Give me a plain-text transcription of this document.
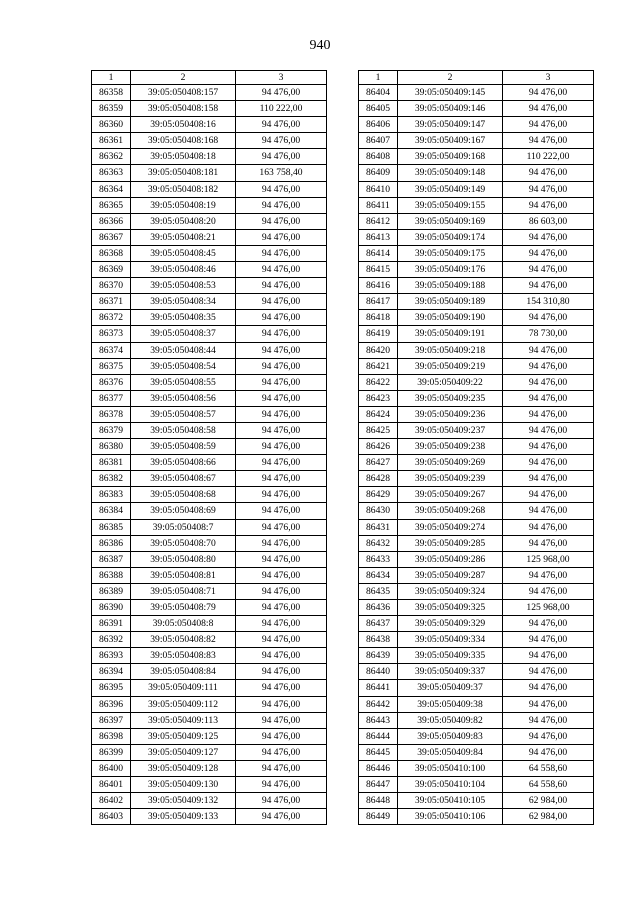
940
1	2	3
86358	39:05:050408:157	94 476,00
86359	39:05:050408:158	110 222,00
86360	39:05:050408:16	94 476,00
86361	39:05:050408:168	94 476,00
86362	39:05:050408:18	94 476,00
86363	39:05:050408:181	163 758,40
86364	39:05:050408:182	94 476,00
86365	39:05:050408:19	94 476,00
86366	39:05:050408:20	94 476,00
86367	39:05:050408:21	94 476,00
86368	39:05:050408:45	94 476,00
86369	39:05:050408:46	94 476,00
86370	39:05:050408:53	94 476,00
86371	39:05:050408:34	94 476,00
86372	39:05:050408:35	94 476,00
86373	39:05:050408:37	94 476,00
86374	39:05:050408:44	94 476,00
86375	39:05:050408:54	94 476,00
86376	39:05:050408:55	94 476,00
86377	39:05:050408:56	94 476,00
86378	39:05:050408:57	94 476,00
86379	39:05:050408:58	94 476,00
86380	39:05:050408:59	94 476,00
86381	39:05:050408:66	94 476,00
86382	39:05:050408:67	94 476,00
86383	39:05:050408:68	94 476,00
86384	39:05:050408:69	94 476,00
86385	39:05:050408:7	94 476,00
86386	39:05:050408:70	94 476,00
86387	39:05:050408:80	94 476,00
86388	39:05:050408:81	94 476,00
86389	39:05:050408:71	94 476,00
86390	39:05:050408:79	94 476,00
86391	39:05:050408:8	94 476,00
86392	39:05:050408:82	94 476,00
86393	39:05:050408:83	94 476,00
86394	39:05:050408:84	94 476,00
86395	39:05:050409:111	94 476,00
86396	39:05:050409:112	94 476,00
86397	39:05:050409:113	94 476,00
86398	39:05:050409:125	94 476,00
86399	39:05:050409:127	94 476,00
86400	39:05:050409:128	94 476,00
86401	39:05:050409:130	94 476,00
86402	39:05:050409:132	94 476,00
86403	39:05:050409:133	94 476,00
1	2	3
86404	39:05:050409:145	94 476,00
86405	39:05:050409:146	94 476,00
86406	39:05:050409:147	94 476,00
86407	39:05:050409:167	94 476,00
86408	39:05:050409:168	110 222,00
86409	39:05:050409:148	94 476,00
86410	39:05:050409:149	94 476,00
86411	39:05:050409:155	94 476,00
86412	39:05:050409:169	86 603,00
86413	39:05:050409:174	94 476,00
86414	39:05:050409:175	94 476,00
86415	39:05:050409:176	94 476,00
86416	39:05:050409:188	94 476,00
86417	39:05:050409:189	154 310,80
86418	39:05:050409:190	94 476,00
86419	39:05:050409:191	78 730,00
86420	39:05:050409:218	94 476,00
86421	39:05:050409:219	94 476,00
86422	39:05:050409:22	94 476,00
86423	39:05:050409:235	94 476,00
86424	39:05:050409:236	94 476,00
86425	39:05:050409:237	94 476,00
86426	39:05:050409:238	94 476,00
86427	39:05:050409:269	94 476,00
86428	39:05:050409:239	94 476,00
86429	39:05:050409:267	94 476,00
86430	39:05:050409:268	94 476,00
86431	39:05:050409:274	94 476,00
86432	39:05:050409:285	94 476,00
86433	39:05:050409:286	125 968,00
86434	39:05:050409:287	94 476,00
86435	39:05:050409:324	94 476,00
86436	39:05:050409:325	125 968,00
86437	39:05:050409:329	94 476,00
86438	39:05:050409:334	94 476,00
86439	39:05:050409:335	94 476,00
86440	39:05:050409:337	94 476,00
86441	39:05:050409:37	94 476,00
86442	39:05:050409:38	94 476,00
86443	39:05:050409:82	94 476,00
86444	39:05:050409:83	94 476,00
86445	39:05:050409:84	94 476,00
86446	39:05:050410:100	64 558,60
86447	39:05:050410:104	64 558,60
86448	39:05:050410:105	62 984,00
86449	39:05:050410:106	62 984,00
